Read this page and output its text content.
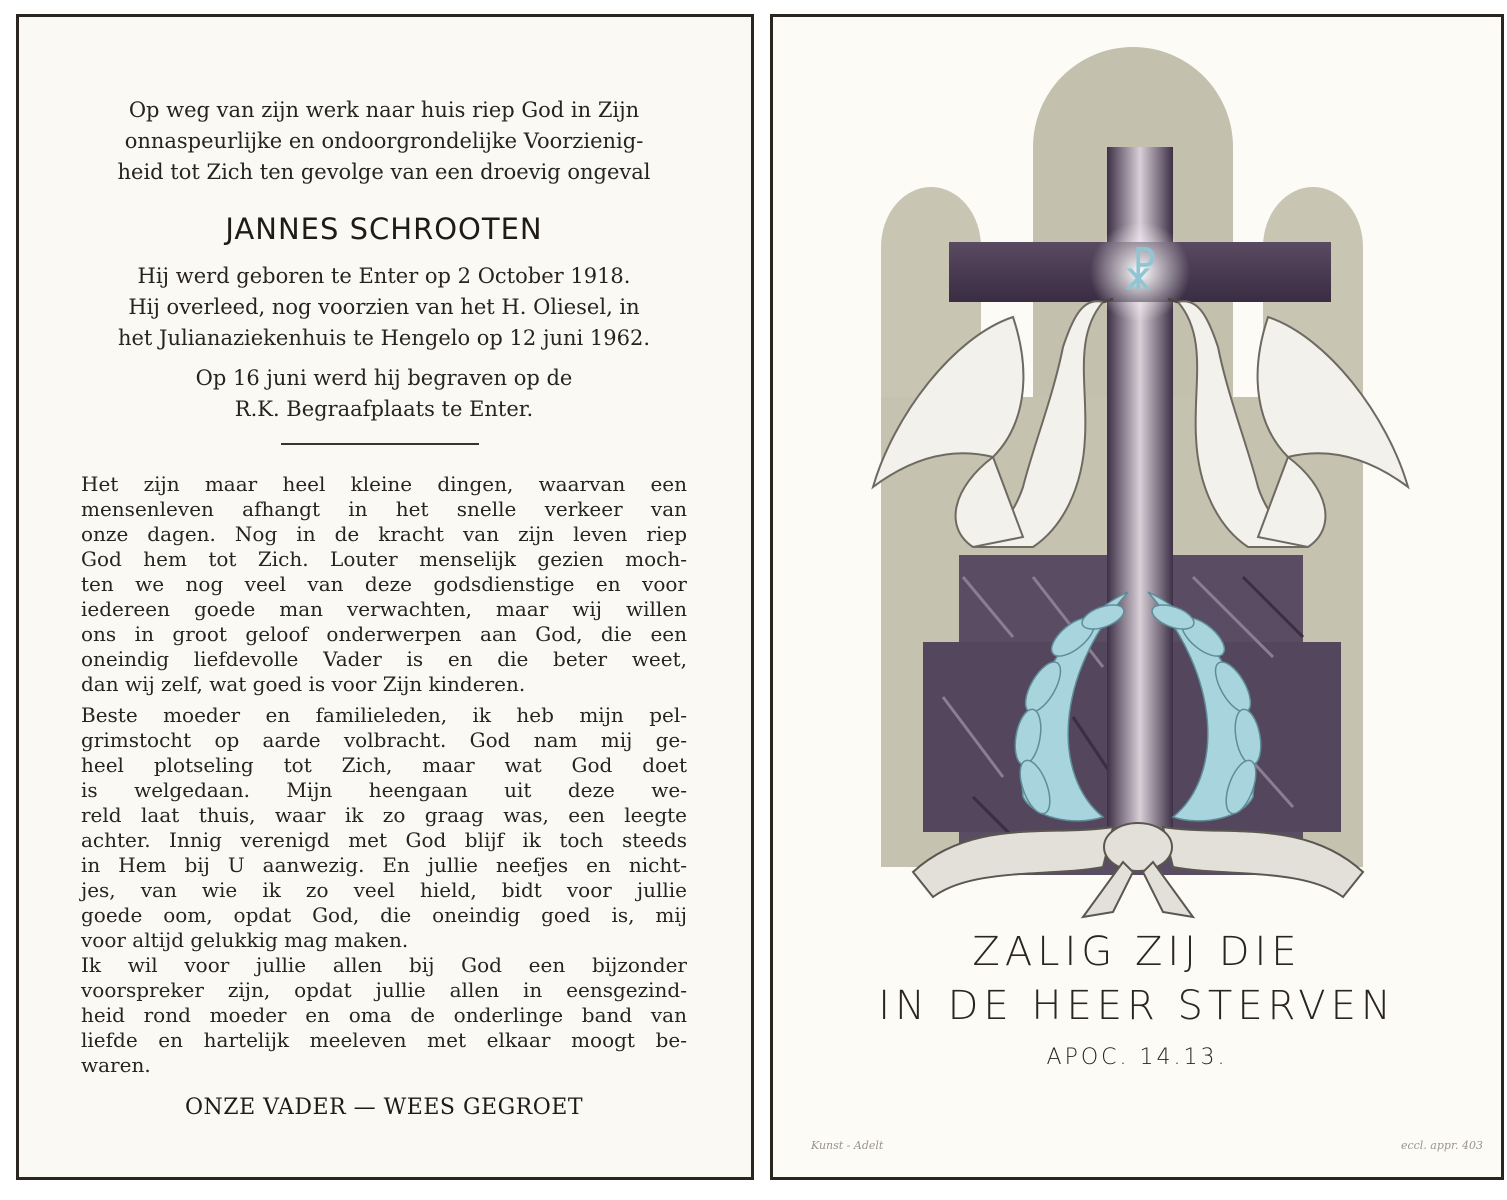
Op weg van zijn werk naar huis riep God in Zijn
onnaspeurlijke en ondoorgrondelijke Voorzienig-
heid tot Zich ten gevolge van een droevig ongeval
JANNES SCHROOTEN
Hij werd geboren te Enter op 2 October 1918.
Hij overleed, nog voorzien van het H. Oliesel, in
het Julianaziekenhuis te Hengelo op 12 juni 1962.
Op 16 juni werd hij begraven op de
R.K. Begraafplaats te Enter.
Het zijn maar heel kleine dingen, waarvan een
mensenleven afhangt in het snelle verkeer van
onze dagen. Nog in de kracht van zijn leven riep
God hem tot Zich. Louter menselijk gezien moch-
ten we nog veel van deze godsdienstige en voor
iedereen goede man verwachten, maar wij willen
ons in groot geloof onderwerpen aan God, die een
oneindig liefdevolle Vader is en die beter weet,
dan wij zelf, wat goed is voor Zijn kinderen.
Beste moeder en familieleden, ik heb mijn pel-
grimstocht op aarde volbracht. God nam mij ge-
heel plotseling tot Zich, maar wat God doet
is welgedaan. Mijn heengaan uit deze we-
reld laat thuis, waar ik zo graag was, een leegte
achter. Innig verenigd met God blijf ik toch steeds
in Hem bij U aanwezig. En jullie neefjes en nicht-
jes, van wie ik zo veel hield, bidt voor jullie
goede oom, opdat God, die oneindig goed is, mij
voor altijd gelukkig mag maken.
Ik wil voor jullie allen bij God een bijzonder
voorspreker zijn, opdat jullie allen in eensgezind-
heid rond moeder en oma de onderlinge band van
liefde en hartelijk meeleven met elkaar moogt be-
waren.
ONZE VADER — WEES GEGROET
☧
ZALIG ZIJ DIE
IN DE HEER STERVEN
APOC. 14.13.
Kunst - Adelt	eccl. appr. 403
